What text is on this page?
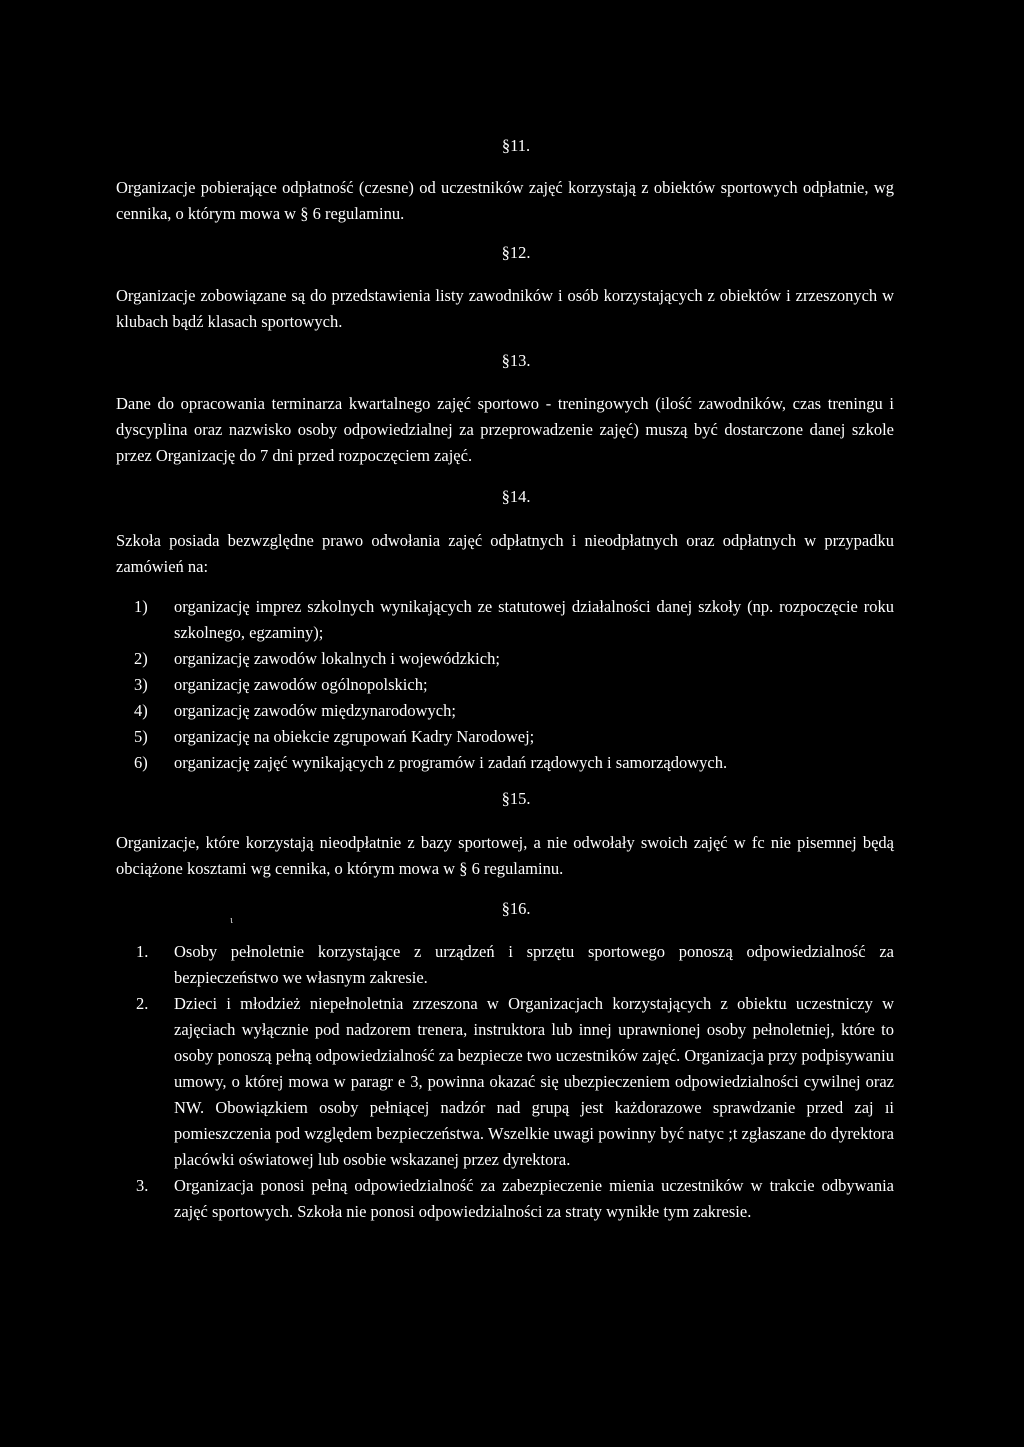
§11.

Organizacje pobierające odpłatność (czesne) od uczestników zajęć korzystają z obiektów sportowych odpłatnie, wg cennika, o którym mowa w § 6 regulaminu.

§12.

Organizacje zobowiązane są do przedstawienia listy zawodników i osób korzystających z obiektów i zrzeszonych w klubach bądź klasach sportowych.

§13.

Dane do opracowania terminarza kwartalnego zajęć sportowo - treningowych (ilość zawodników, czas treningu i dyscyplina oraz nazwisko osoby odpowiedzialnej za przeprowadzenie zajęć) muszą być dostarczone danej szkole przez Organizację do 7 dni przed rozpoczęciem zajęć.

§14.

Szkoła posiada bezwzględne prawo odwołania zajęć odpłatnych i nieodpłatnych oraz odpłatnych w przypadku zamówień na:

1) organizację imprez szkolnych wynikających ze statutowej działalności danej szkoły (np. rozpoczęcie roku szkolnego, egzaminy);
2) organizację zawodów lokalnych i wojewódzkich;
3) organizację zawodów ogólnopolskich;
4) organizację zawodów międzynarodowych;
5) organizację na obiekcie zgrupowań Kadry Narodowej;
6) organizację zajęć wynikających z programów i zadań rządowych i samorządowych.
§15.

Organizacje, które korzystają nieodpłatnie z bazy sportowej, a nie odwołały swoich zajęć w fc nie pisemnej będą obciążone kosztami wg cennika, o którym mowa w § 6 regulaminu.

ι
§16.
1. Osoby pełnoletnie korzystające z urządzeń i sprzętu sportowego ponoszą odpowiedzialność za bezpieczeństwo we własnym zakresie.
2. Dzieci i młodzież niepełnoletnia zrzeszona w Organizacjach korzystających z obiektu uczestniczy w zajęciach wyłącznie pod nadzorem trenera, instruktora lub innej uprawnionej osoby pełnoletniej, które to osoby ponoszą pełną odpowiedzialność za bezpiecze two uczestników zajęć. Organizacja przy podpisywaniu umowy, o której mowa w paragr e 3, powinna okazać się ubezpieczeniem odpowiedzialności cywilnej oraz NW. Obowiązkiem osoby pełniącej nadzór nad grupą jest każdorazowe sprawdzanie przed zaj ıi pomieszczenia pod względem bezpieczeństwa. Wszelkie uwagi powinny być natyc ;t zgłaszane do dyrektora placówki oświatowej lub osobie wskazanej przez dyrektora.
3. Organizacja ponosi pełną odpowiedzialność za zabezpieczenie mienia uczestników w trakcie odbywania zajęć sportowych. Szkoła nie ponosi odpowiedzialności za straty wynikłe tym zakresie.
